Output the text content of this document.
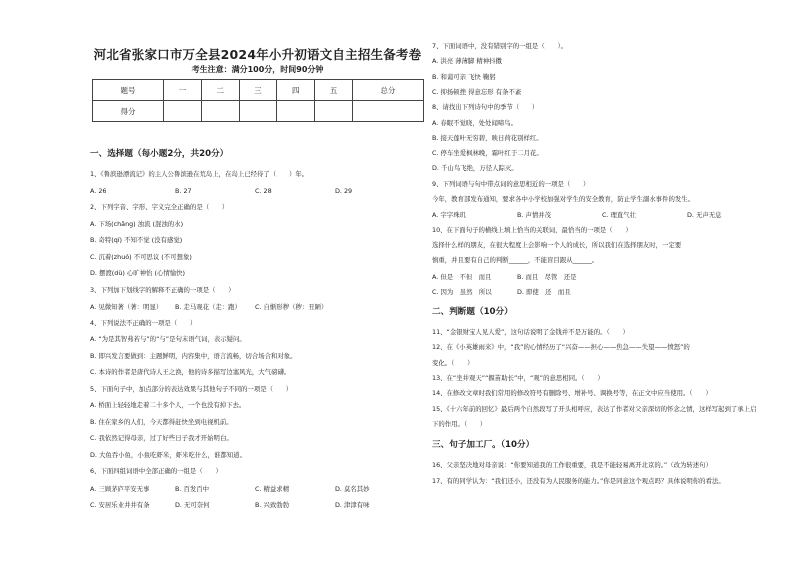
河北省张家口市万全县2024年小升初语文自主招生备考卷
考生注意：满分100分，时间90分钟
题号	一	二	三	四	五	总分
得分						
一、选择题（每小题2分，共20分）
1、《鲁滨逊漂流记》的主人公鲁滨逊在荒岛上，在岛上已经待了（　　）年。
A. 26	B. 27	C. 28	D. 29
2、下列字音、字形、字义完全正确的是（　　）
A. 下场(chǎng) 浊流 (混浊的水)
B. 奇特(qí) 不知不觉 (没有感觉)
C. 沉着(zhuó) 不可思议 (不可想象)
D. 摆渡(dù) 心旷神怡 (心情愉快)
3、下列加下划线字的解释不正确的一项是（　　）
A. 见微知著（著：明显） B. 走马观花（走：跑） C. 自惭形秽（秽：丑陋）
4、下列说法不正确的一项是（　　）
A. “为是其智弗若与”的“与”是句末语气词，表示疑问。
B. 即兴发言要做到：主题鲜明，内容集中，语言流畅，切合场合和对象。
C. 本诗的作者是唐代诗人王之涣，他的诗多描写边塞风光，大气磅礴。
5、下面句子中，加点部分的表达效果与其他句子不同的一项是（　　）
A. 桥面上轻轻地走着二十多个人，一个也没有掉下去。
B. 住在家乡的人们，今天都得赶快坐到电视机前。
C. 我依然记得母亲，过了好些日子我才开始明白。
D. 大鱼吞小鱼，小鱼吃虾米，虾米吃什么，谁都知道。
6、下面四组词语中全部正确的一组是（　　）
A. 三顾茅庐平安无事	B. 百发百中	C. 精益求精	D. 莫名其妙
C. 安居乐业井井有条	D. 无可奈何	B. 兴致勃勃	D. 津津有味
7、下面词语中，没有错别字的一组是（　　）。
A. 洪亮 薄薄脚 精神抖擞
B. 和蔼可亲 飞快 鞠躬
C. 抑扬顿挫 得意忘形 有条不紊
8、请找出下列诗句中的季节（　　）
A. 春眠不觉晓，处处闻啼鸟。
B. 接天莲叶无穷碧，映日荷花别样红。
C. 停车坐爱枫林晚，霜叶红于二月花。
D. 千山鸟飞绝，万径人踪灭。
9、下列词语与句中带点词的意思相近的一项是（　　）
今年，教育部发布通知，要求各中小学校加强对学生的安全教育，防止学生溺水事件的发生。
A. 字字珠玑	B. 声情并茂	C. 理直气壮	D. 无声无息
10、在下面句子的横线上填上恰当的关联词，最恰当的一项是（　　）
选择什么样的朋友，在很大程度上会影响一个人的成长，所以我们在选择朋友时，一定要
慎重，并且要有自己的判断______，不能盲目跟从______。
A. 但是　不但　而且	B. 而且　尽管　还是
C. 因为　虽然　所以	D. 即使　还　而且
二、判断题（10分）
11、“金银财宝人见人爱”，这句话说明了金钱并不是万能的。（　　）
12、在《小英雄雨来》中，“我”的心情经历了“兴奋——担心——焦急——失望——愤怒”的
变化。（　　）
13、在“坐井观天”“揠苗助长”中，“观”的意思相同。（　　）
14、在修改文章时我们常用的修改符号有删除号、增补号、调换号等，在正文中应当使用。（　　）
15、《十六年前的回忆》最后两个自然段写了开头相呼应，表达了作者对父亲深切的怀念之情，这样写起到了承上启
下的作用。（　　）
三、句子加工厂。（10分）
16、父亲坚决地对母亲说：“你要知道我的工作很重要，我是不能轻易离开北京的。”（改为转述句）
17、有的同学认为：“我们还小，还没有为人民服务的能力。”你是同意这个观点吗？具体说明你的看法。
